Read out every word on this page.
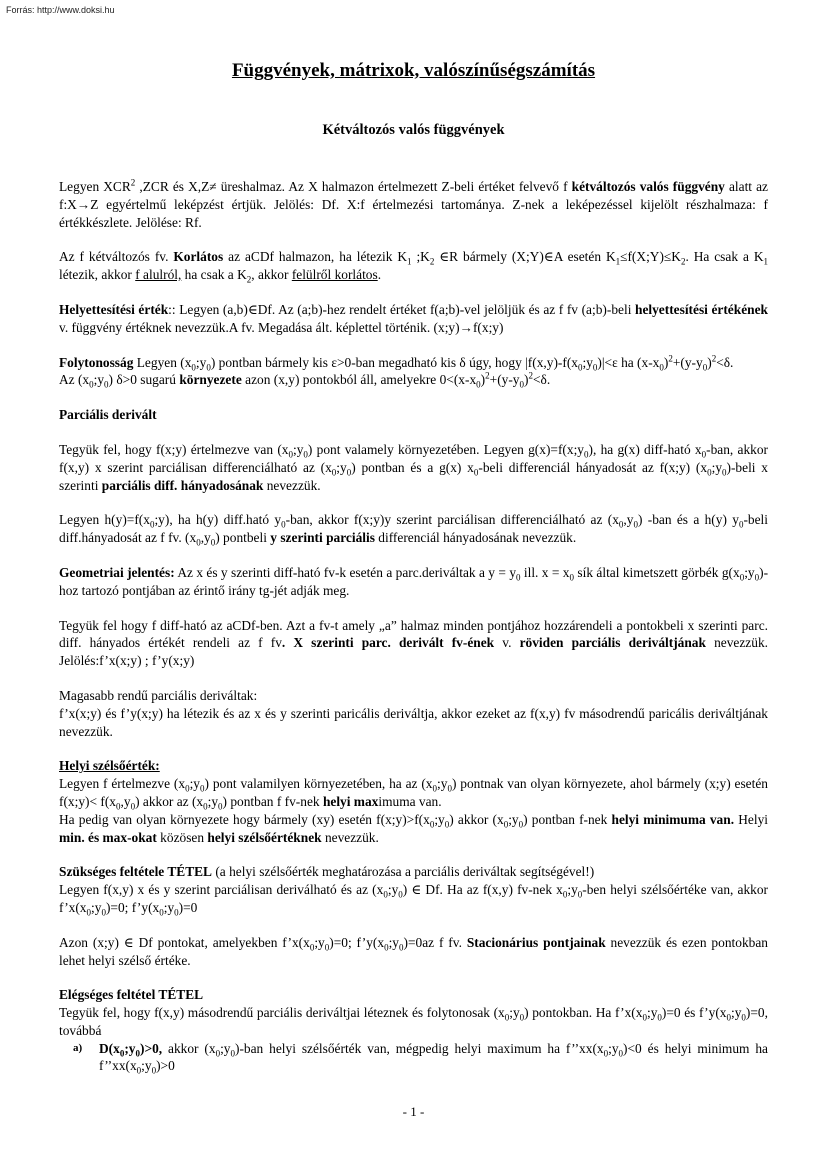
Forrás: http://www.doksi.hu
Függvények, mátrixok, valószínűségszámítás
Kétváltozós valós függvények

Legyen XCR$^2$ ,ZCR és X,Z≠ üreshalmaz. Az X halmazon értelmezett Z-beli értéket felvevő f kétváltozós valós függvény alatt az f:X→Z egyértelmű leképzést értjük. Jelölés: Df. X:f értelmezési tartománya. Z-nek a leképezéssel kijelölt részhalmaza: f értékkészlete. Jelölése: Rf.

Az f kétváltozós fv. Korlátos az aCDf halmazon, ha létezik $K_1$ $;K_2$ ∈R bármely (X;Y)∈A esetén $K_1\le f(X;Y)\le K_2$. Ha csak a $K_1$ létezik, akkor f alulról, ha csak a $K_2$, akkor felülről korlátos.

Helyettesítési érték:: Legyen (a,b)∈Df. Az (a;b)-hez rendelt értéket f(a;b)-vel jelöljük és az f fv (a;b)-beli helyettesítési értékének v. függvény értéknek nevezzük.A fv. Megadása ált. képlettel történik. (x;y)→f(x;y)

Folytonosság Legyen $(x_0;y_0)$ pontban bármely kis ε>0-ban megadható kis δ úgy, hogy $|f(x,y)-f(x_0;y_0)|<\varepsilon$ ha $(x-x_0)^2+(y-y_0)^2<\delta$.
Az $(x_0;y_0)$ δ>0 sugarú környezete azon (x,y) pontokból áll, amelyekre $0<(x-x_0)^2+(y-y_0)^2<\delta$.

Parciális derivált

Tegyük fel, hogy f(x;y) értelmezve van $(x_0;y_0)$ pont valamely környezetében. Legyen $g(x)=f(x;y_0)$, ha g(x) diff-ható $x_0$-ban, akkor f(x,y) x szerint parciálisan differenciálható az $(x_0;y_0)$ pontban és a g(x) $x_0$-beli differenciál hányadosát az f(x;y) $(x_0;y_0)$-beli x szerinti parciális diff. hányadosának nevezzük.

Legyen $h(y)=f(x_0;y)$, ha h(y) diff.ható $y_0$-ban, akkor f(x;y)y szerint parciálisan differenciálható az $(x_0,y_0)$ -ban és a h(y) $y_0$-beli diff.hányadosát az f fv. $(x_0,y_0)$ pontbeli y szerinti parciális differenciál hányadosának nevezzük.

Geometriai jelentés: Az x és y szerinti diff-ható fv-k esetén a parc.deriváltak a $y = y_0$ ill. $x = x_0$ sík által kimetszett görbék $g(x_0;y_0)$-hoz tartozó pontjában az érintő irány tg-jét adják meg.

Tegyük fel hogy f diff-ható az aCDf-ben. Azt a fv-t amely „a” halmaz minden pontjához hozzárendeli a pontokbeli x szerinti parc. diff. hányados értékét rendeli az f fv. X szerinti parc. derivált fv-ének v. röviden parciális deriváltjának nevezzük. Jelölés:f’x(x;y) ; f’y(x;y)

Magasabb rendű parciális deriváltak:
f’x(x;y) és f’y(x;y) ha létezik és az x és y szerinti paricális deriváltja, akkor ezeket az f(x,y) fv másodrendű paricális deriváltjának nevezzük.

Helyi szélsőérték:
Legyen f értelmezve $(x_0;y_0)$ pont valamilyen környezetében, ha az $(x_0;y_0)$ pontnak van olyan környezete, ahol bármely (x;y) esetén f(x;y)< $f(x_0,y_0)$ akkor az $(x_0;y_0)$ pontban f fv-nek helyi maximuma van.
Ha pedig van olyan környezete hogy bármely (xy) esetén $f(x;y)>f(x_0;y_0)$ akkor $(x_0;y_0)$ pontban f-nek helyi minimuma van. Helyi min. és max-okat közösen helyi szélsőértéknek nevezzük.

Szükséges feltétele TÉTEL (a helyi szélsőérték meghatározása a parciális deriváltak segítségével!)
Legyen f(x,y) x és y szerint parciálisan deriválható és az $(x_0;y_0)$ ∈ Df. Ha az f(x,y) fv-nek $x_0;y_0$-ben helyi szélsőértéke van, akkor $f’x(x_0;y_0)=0$; $f’y(x_0;y_0)=0$

Azon (x;y) ∈ Df pontokat, amelyekben $f’x(x_0;y_0)=0$; $f’y(x_0;y_0)=0az$ f fv. Stacionárius pontjainak nevezzük és ezen pontokban lehet helyi szélső értéke.

Elégséges feltétel TÉTEL
Tegyük fel, hogy f(x,y) másodrendű parciális deriváltjai léteznek és folytonosak $(x_0;y_0)$ pontokban. Ha $f’x(x_0;y_0)=0$ és $f’y(x_0;y_0)=0$, továbbá

a) $D(x_0;y_0)>0$, akkor $(x_0;y_0)$-ban helyi szélsőérték van, mégpedig helyi maximum ha $f’’xx(x_0;y_0)<0$ és helyi minimum ha $f’’xx(x_0;y_0)>0$
- 1 -
